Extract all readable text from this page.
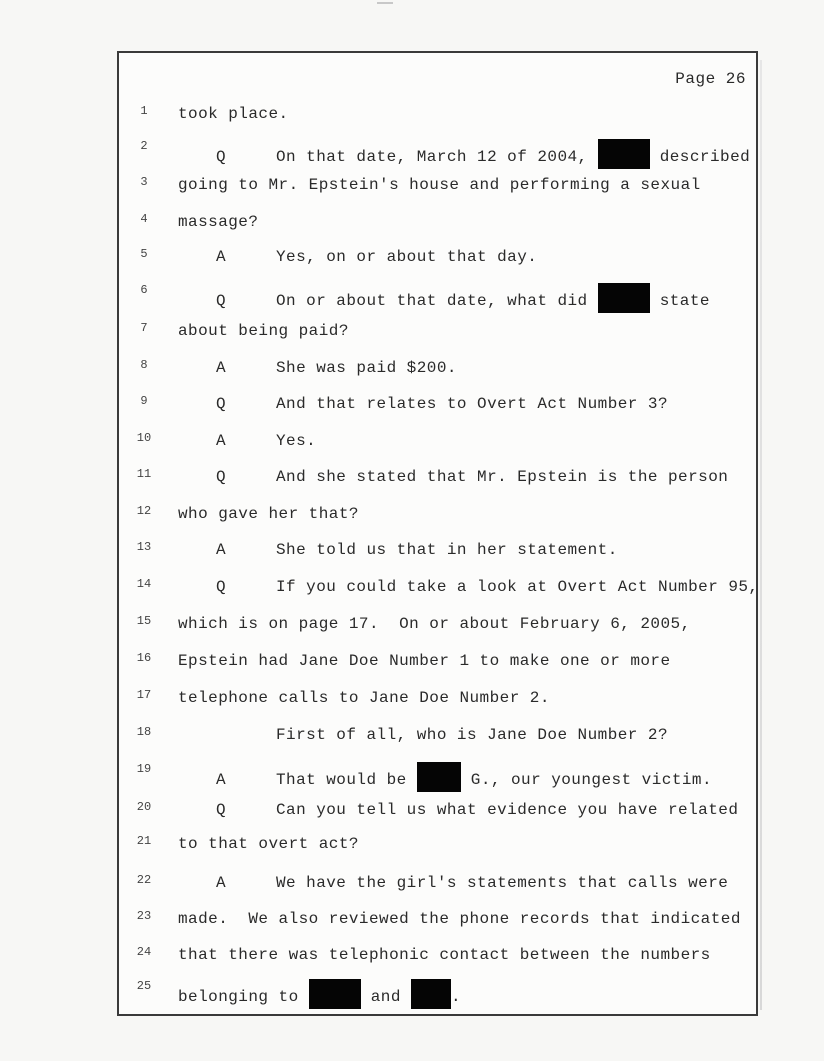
Page 26
1	took place.
2
Q	On that date, March 12 of 2004,	described
3	going to Mr. Epstein's house and performing a sexual
4	massage?
5	A	Yes, on or about that day.
6
Q	On or about that date, what did	state
7	about being paid?
8	A	She was paid $200.
9	Q	And that relates to Overt Act Number 3?
10	A	Yes.
11	Q	And she stated that Mr. Epstein is the person
12 who gave her that?
13	A	She told us that in her statement.
14	Q	If you could take a look at Overt Act Number 95,
15 which is on page 17.  On or about February 6, 2005,
16 Epstein had Jane Doe Number 1 to make one or more
17 telephone calls to Jane Doe Number 2.
18	First of all, who is Jane Doe Number 2?
19
A	That would be	G., our youngest victim.
20	Q	Can you tell us what evidence you have related
21 to that overt act?
22	A	We have the girl's statements that calls were
23 made.  We also reviewed the phone records that indicated
24 that there was telephonic contact between the numbers
25
belonging to	and	.
